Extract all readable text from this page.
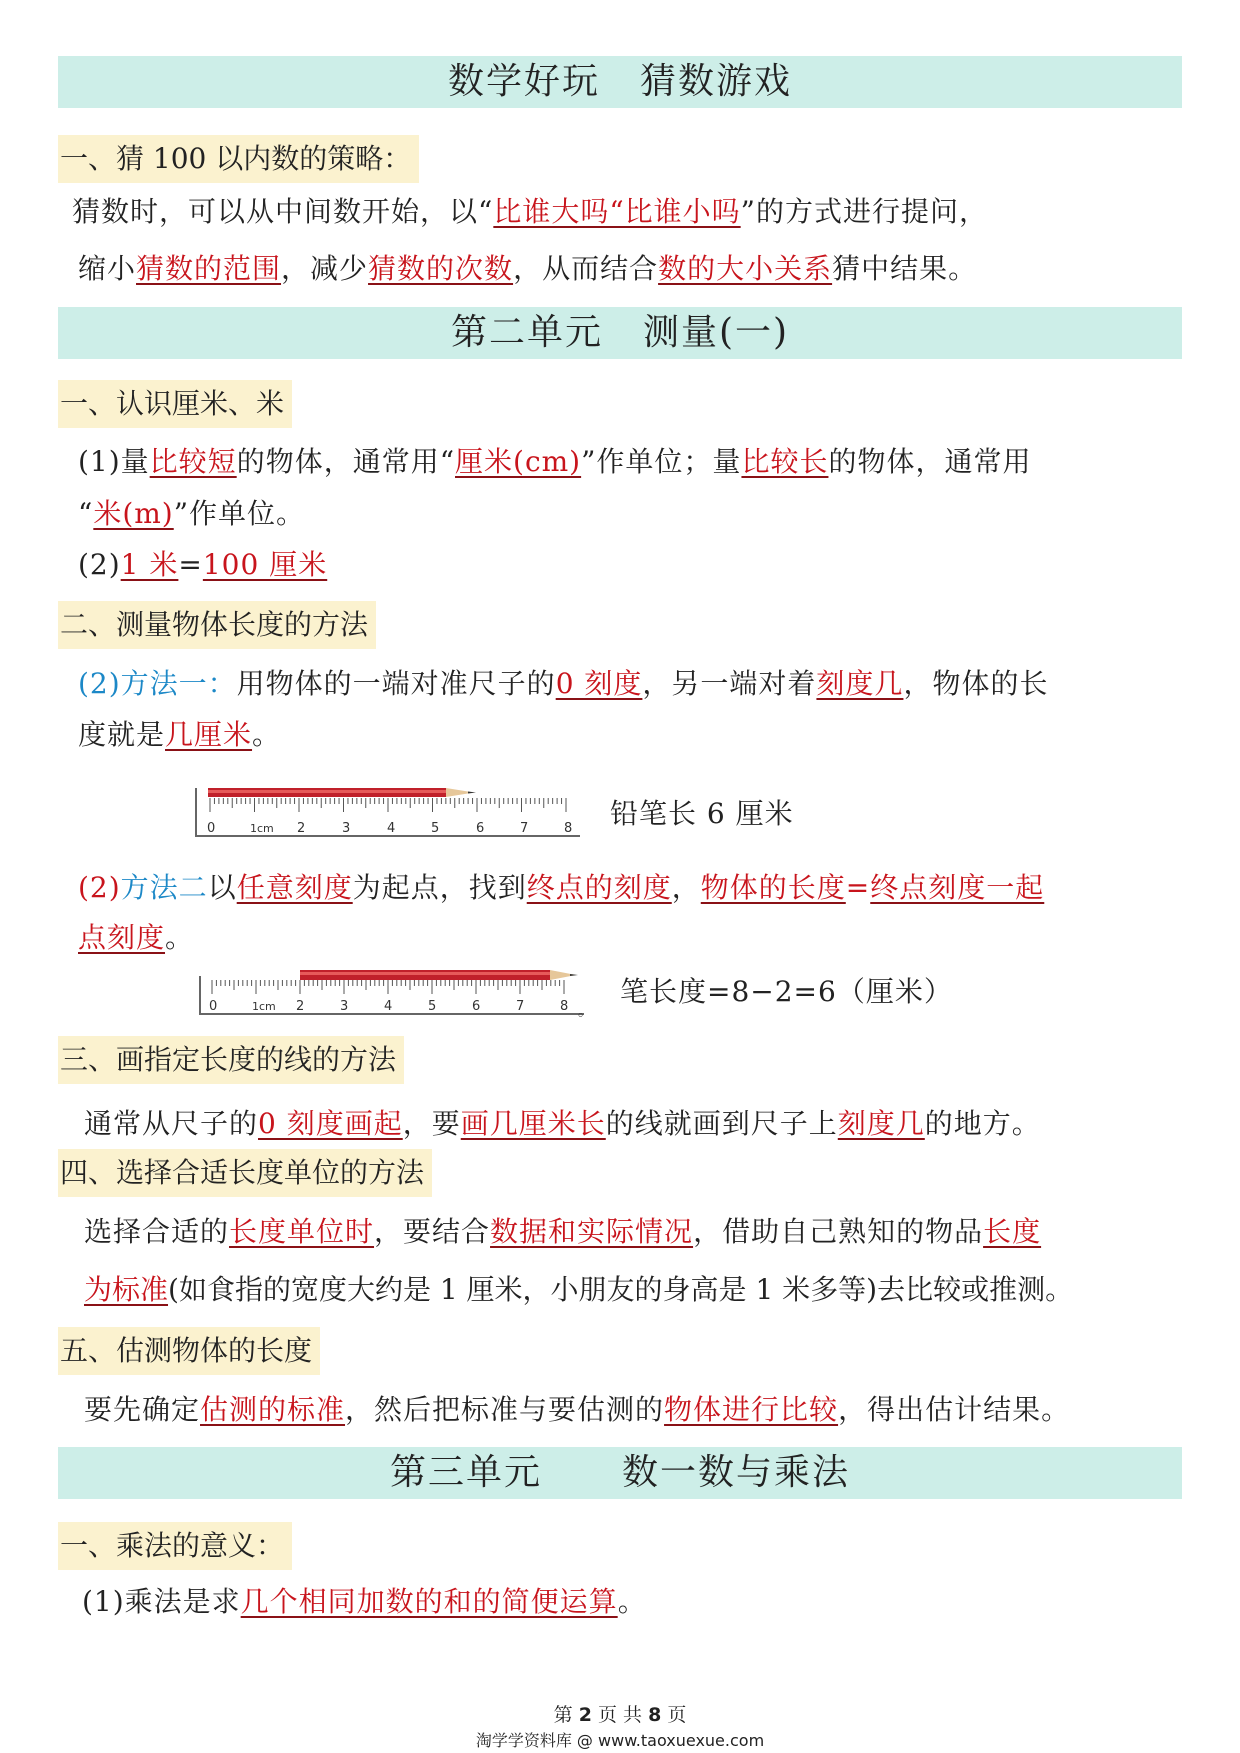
数学好玩 猜数游戏
一、猜 100 以内数的策略：
猜数时，可以从中间数开始，以“比谁大吗“比谁小吗”的方式进行提问，
缩小猜数的范围，减少猜数的次数，从而结合数的大小关系猜中结果。
第二单元 测量(一)
一、认识厘米、米
(1)量比较短的物体，通常用“厘米(cm)”作单位；量比较长的物体，通常用
“米(m)”作单位。
(2)1 米=100 厘米
二、测量物体长度的方法
(2)方法一：用物体的一端对准尺子的0 刻度，另一端对着刻度几，物体的长
度就是几厘米。
0	1cm 2	3	4	5	6	7	8 铅笔长 6 厘米
(2)方法二以任意刻度为起点，找到终点的刻度，物体的长度=终点刻度一起
点刻度。
0	1cm 2	3	4	5	6	7	8 。
笔长度=8−2=6（厘米）
三、画指定长度的线的方法
通常从尺子的0 刻度画起，要画几厘米长的线就画到尺子上刻度几的地方。
四、选择合适长度单位的方法
选择合适的长度单位时，要结合数据和实际情况，借助自己熟知的物品长度
为标准(如食指的宽度大约是 1 厘米，小朋友的身高是 1 米多等)去比较或推测。
五、估测物体的长度
要先确定估测的标准，然后把标准与要估测的物体进行比较，得出估计结果。
第三单元 数一数与乘法
一、乘法的意义：
(1)乘法是求几个相同加数的和的简便运算。
第 2 页 共 8 页
淘学学资料库 @ www.taoxuexue.com
